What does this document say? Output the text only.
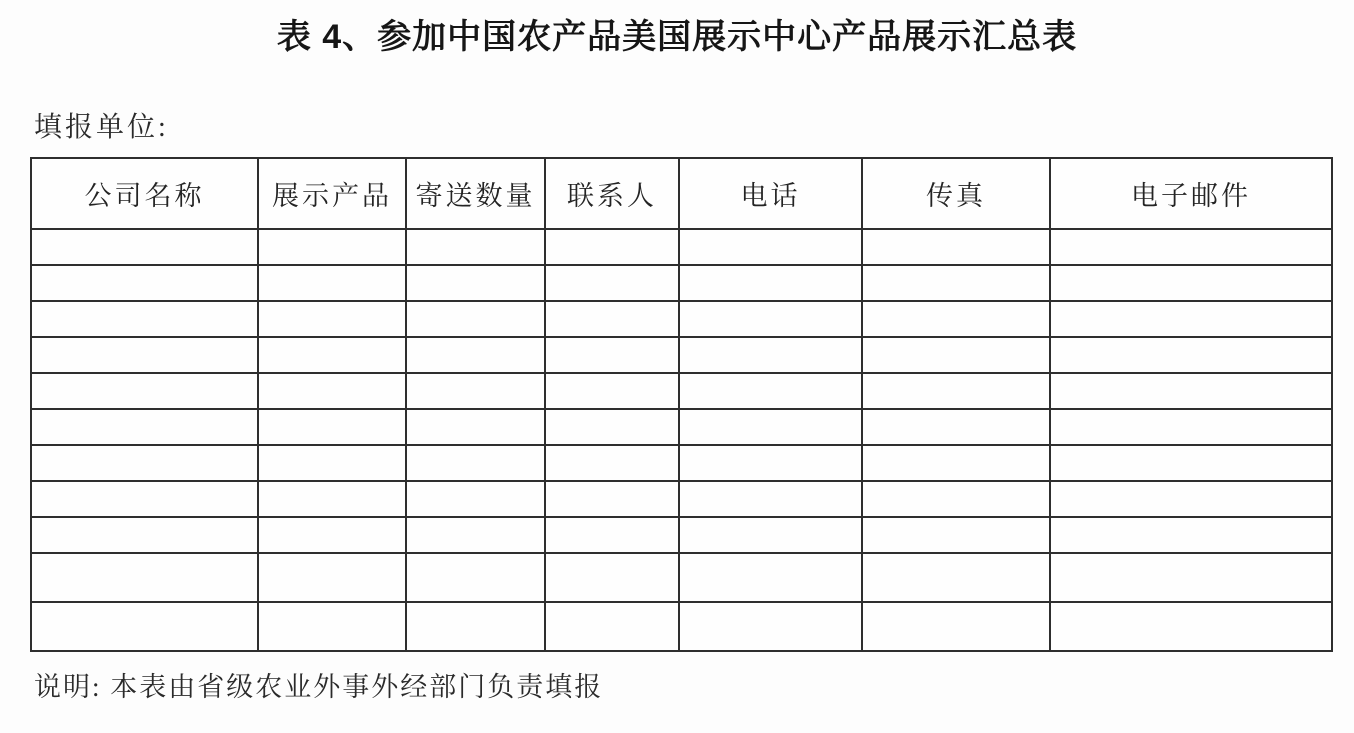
表 4、参加中国农产品美国展示中心产品展示汇总表
填报单位:
公司名称	展示产品	寄送数量	联系人	电话	传真	电子邮件

说明: 本表由省级农业外事外经部门负责填报
